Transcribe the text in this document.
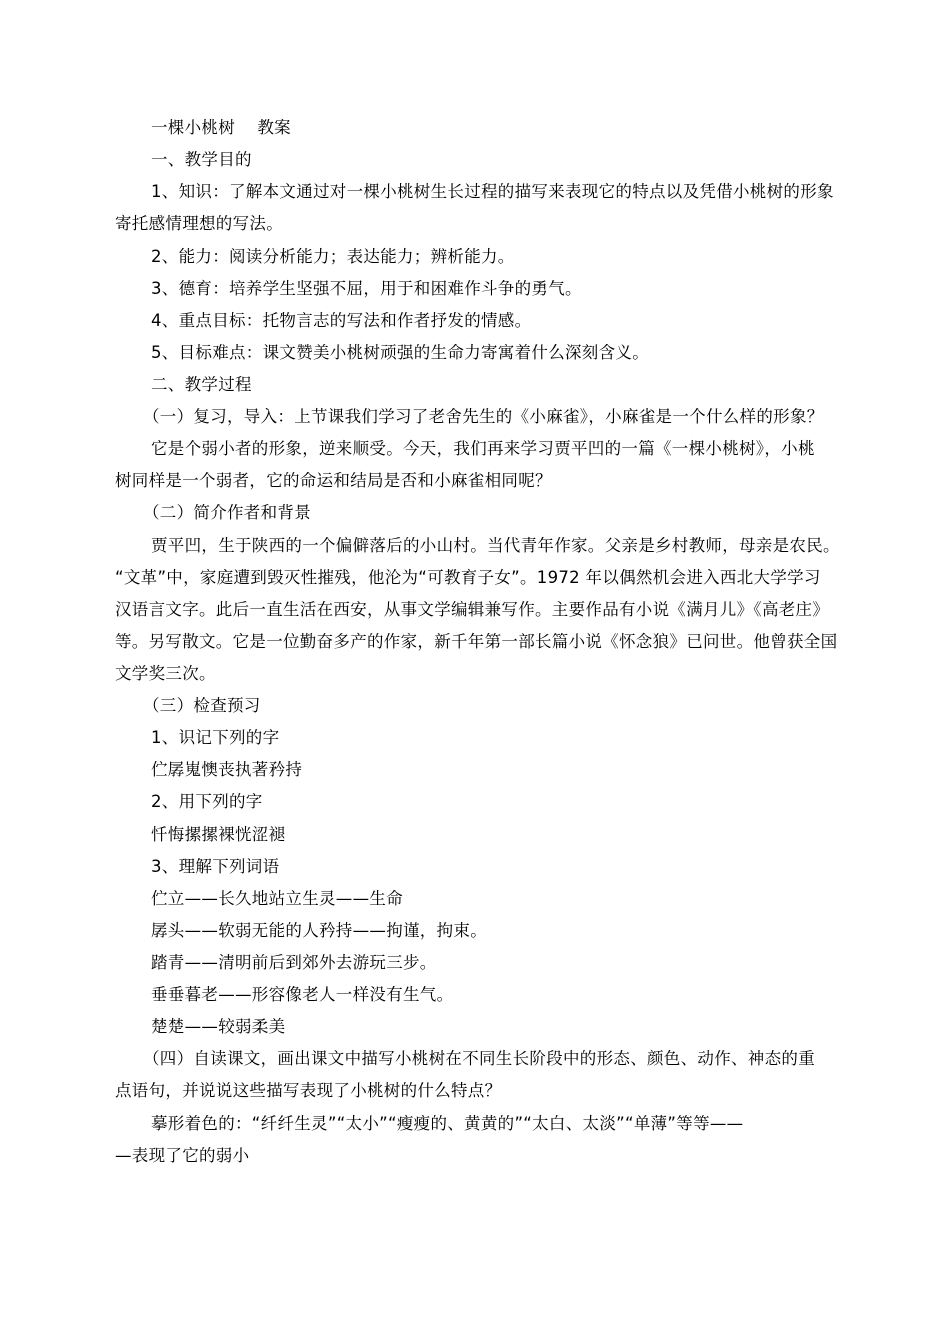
一棵小桃树　 教案
一、教学目的
1、知识：了解本文通过对一棵小桃树生长过程的描写来表现它的特点以及凭借小桃树的形象
寄托感情理想的写法。
2、能力：阅读分析能力；表达能力；辨析能力。
3、德育：培养学生坚强不屈，用于和困难作斗争的勇气。
4、重点目标：托物言志的写法和作者抒发的情感。
5、目标难点：课文赞美小桃树顽强的生命力寄寓着什么深刻含义。
二、教学过程
（一）复习，导入：上节课我们学习了老舍先生的《小麻雀》，小麻雀是一个什么样的形象？
它是个弱小者的形象，逆来顺受。今天，我们再来学习贾平凹的一篇《一棵小桃树》，小桃
树同样是一个弱者，它的命运和结局是否和小麻雀相同呢？
（二）简介作者和背景
贾平凹，生于陕西的一个偏僻落后的小山村。当代青年作家。父亲是乡村教师，母亲是农民。
“文革”中，家庭遭到毁灭性摧残，他沦为“可教育子女”。1972 年以偶然机会进入西北大学学习
汉语言文字。此后一直生活在西安，从事文学编辑兼写作。主要作品有小说《满月儿》《高老庄》
等。另写散文。它是一位勤奋多产的作家，新千年第一部长篇小说《怀念狼》已问世。他曾获全国
文学奖三次。
（三）检查预习
1、识记下列的字
伫孱嵬懊丧执著矜持
2、用下列的字
忏悔摞摞裸恍涩褪
3、理解下列词语
伫立——长久地站立生灵——生命
孱头——软弱无能的人矜持——拘谨，拘束。
踏青——清明前后到郊外去游玩三步。
垂垂暮老——形容像老人一样没有生气。
楚楚——较弱柔美
（四）自读课文，画出课文中描写小桃树在不同生长阶段中的形态、颜色、动作、神态的重
点语句，并说说这些描写表现了小桃树的什么特点？
摹形着色的：“纤纤生灵”“太小”“瘦瘦的、黄黄的”“太白、太淡”“单薄”等等——
—表现了它的弱小
